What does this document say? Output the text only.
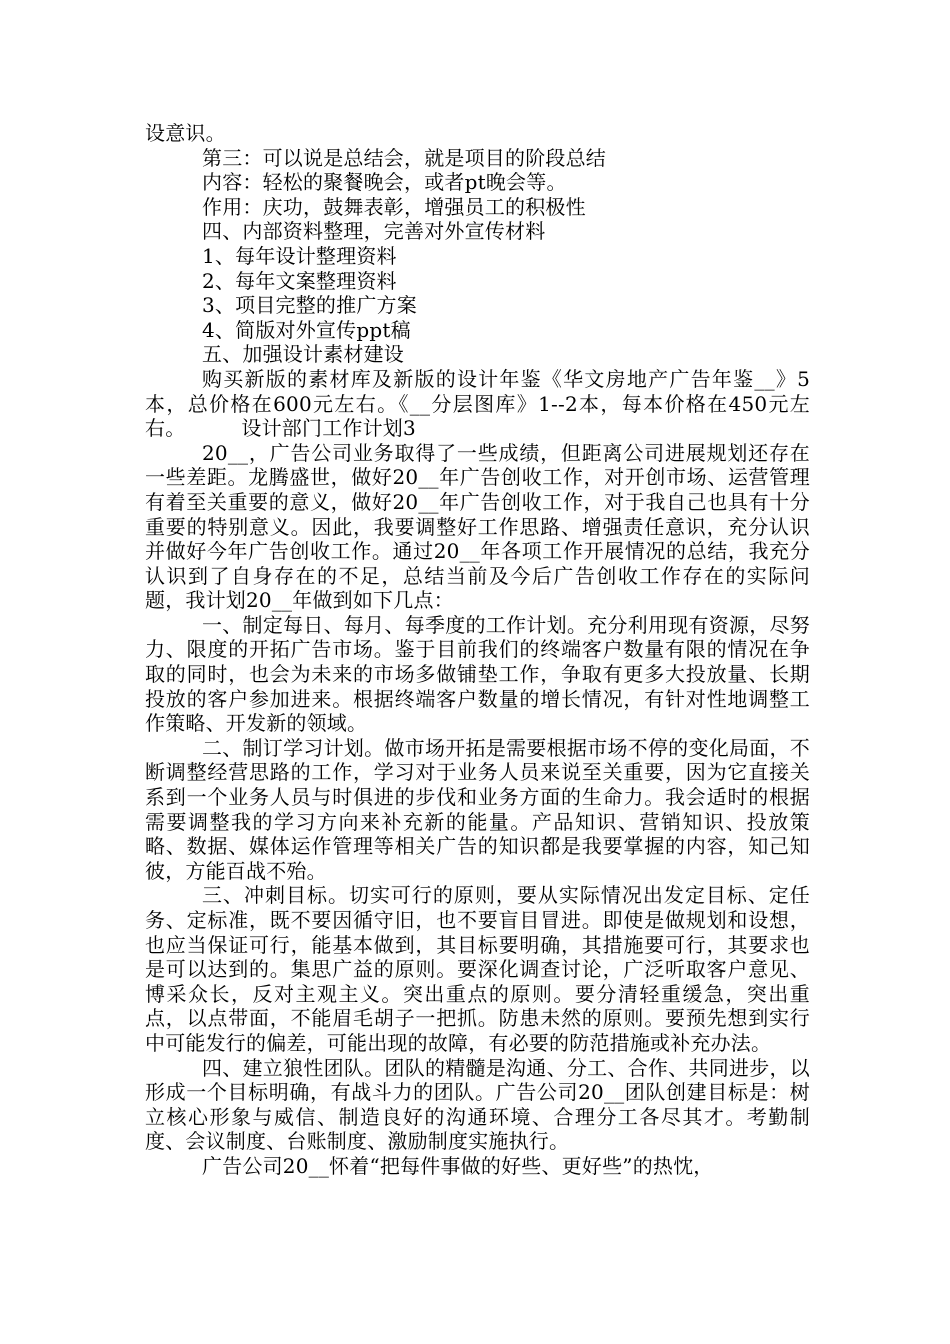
设意识。

第三：可以说是总结会，就是项目的阶段总结

内容：轻松的聚餐晚会，或者pt晚会等。

作用：庆功，鼓舞表彰，增强员工的积极性

四、内部资料整理，完善对外宣传材料

1、每年设计整理资料

2、每年文案整理资料

3、项目完整的推广方案

4、简版对外宣传ppt稿

五、加强设计素材建设

购买新版的素材库及新版的设计年鉴《华文房地产广告年鉴__》5本，总价格在600元左右。《__分层图库》1--2本，每本价格在450元左右。	设计部门工作计划3

20__，广告公司业务取得了一些成绩，但距离公司进展规划还存在一些差距。龙腾盛世，做好20__年广告创收工作，对开创市场、运营管理有着至关重要的意义，做好20__年广告创收工作，对于我自己也具有十分重要的特别意义。因此，我要调整好工作思路、增强责任意识，充分认识并做好今年广告创收工作。通过20__年各项工作开展情况的总结，我充分认识到了自身存在的不足，总结当前及今后广告创收工作存在的实际问题，我计划20__年做到如下几点：

一、制定每日、每月、每季度的工作计划。充分利用现有资源，尽努力、限度的开拓广告市场。鉴于目前我们的终端客户数量有限的情况在争取的同时，也会为未来的市场多做铺垫工作，争取有更多大投放量、长期投放的客户参加进来。根据终端客户数量的增长情况，有针对性地调整工作策略、开发新的领域。

二、制订学习计划。做市场开拓是需要根据市场不停的变化局面，不断调整经营思路的工作，学习对于业务人员来说至关重要，因为它直接关系到一个业务人员与时俱进的步伐和业务方面的生命力。我会适时的根据需要调整我的学习方向来补充新的能量。产品知识、营销知识、投放策略、数据、媒体运作管理等相关广告的知识都是我要掌握的内容，知己知彼，方能百战不殆。

三、冲刺目标。切实可行的原则，要从实际情况出发定目标、定任务、定标准，既不要因循守旧，也不要盲目冒进。即使是做规划和设想，也应当保证可行，能基本做到，其目标要明确，其措施要可行，其要求也是可以达到的。集思广益的原则。要深化调查讨论，广泛听取客户意见、博采众长，反对主观主义。突出重点的原则。要分清轻重缓急，突出重点，以点带面，不能眉毛胡子一把抓。防患未然的原则。要预先想到实行中可能发行的偏差，可能出现的故障，有必要的防范措施或补充办法。

四、建立狼性团队。团队的精髓是沟通、分工、合作、共同进步，以形成一个目标明确，有战斗力的团队。广告公司20__团队创建目标是：树立核心形象与威信、制造良好的沟通环境、合理分工各尽其才。考勤制度、会议制度、台账制度、激励制度实施执行。

广告公司20__怀着“把每件事做的好些、更好些”的热忱，
